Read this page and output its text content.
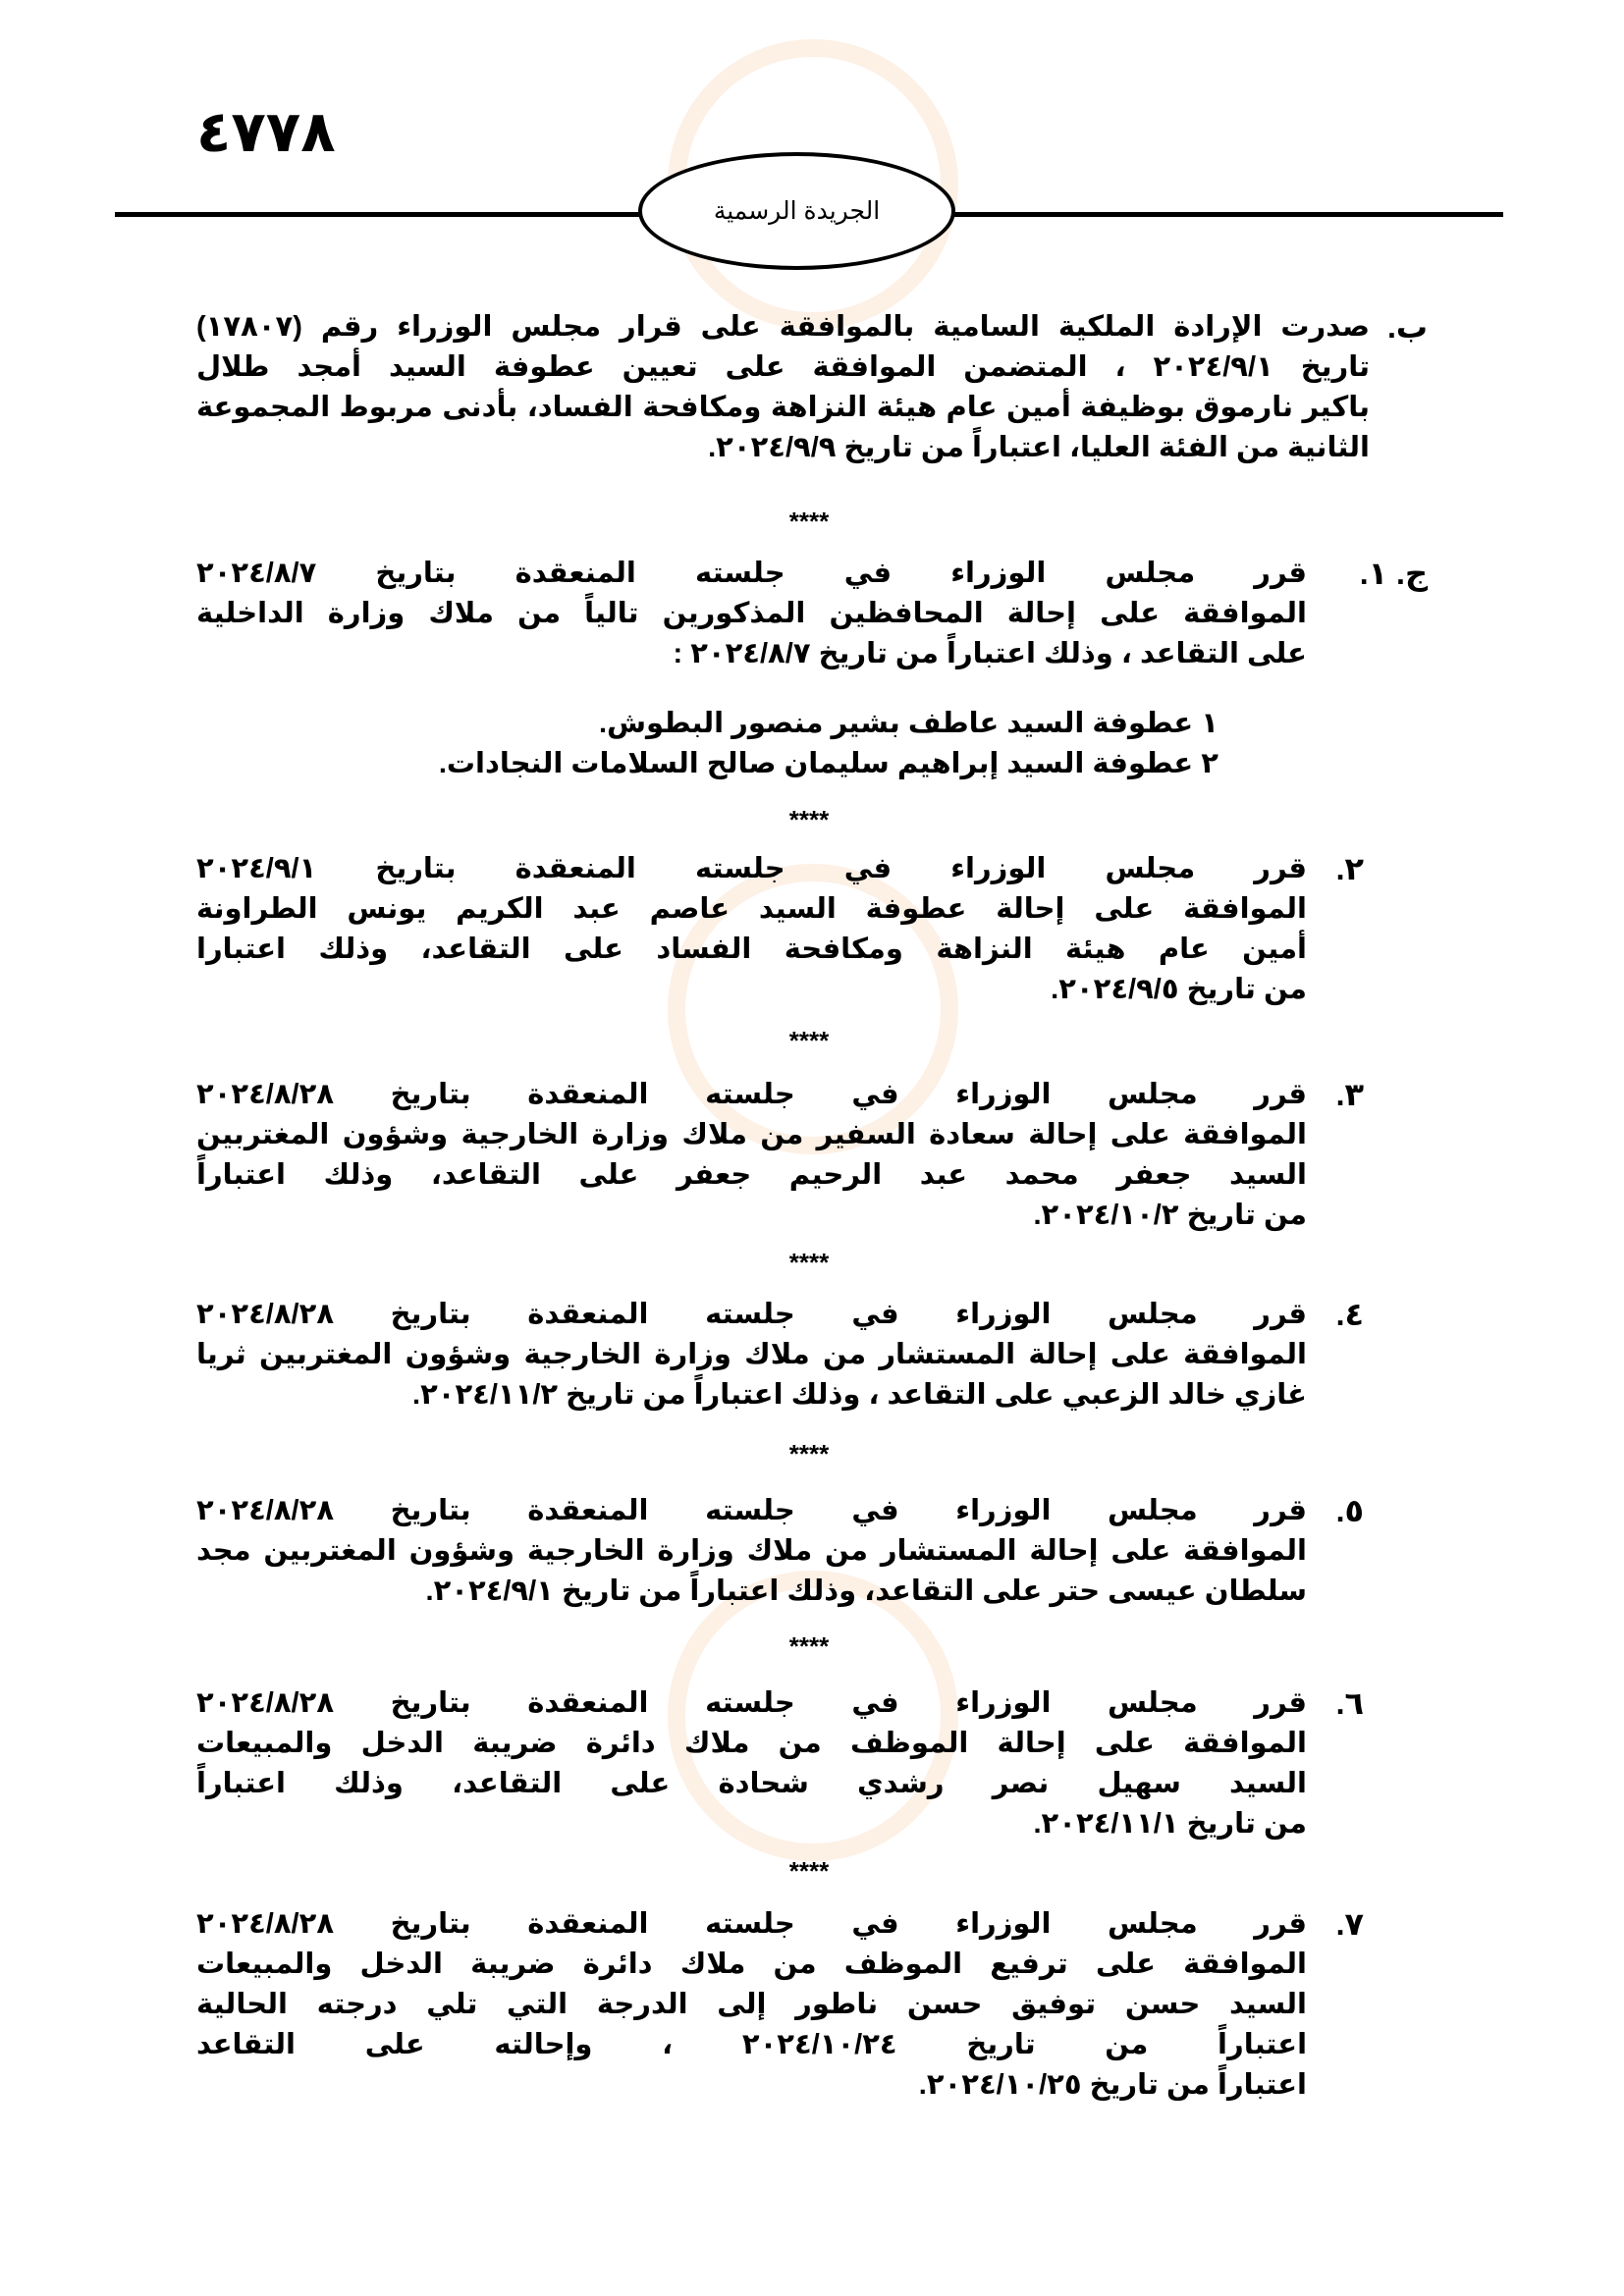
٤٧٧٨
الجريدة الرسمية
ب.
صدرت الإرادة الملكية السامية بالموافقة على قرار مجلس الوزراء رقم (١٧٨٠٧)
تاريخ ٢٠٢٤/٩/١ ، المتضمن الموافقة على تعيين عطوفة السيد أمجد طلال
باكير نارموق بوظيفة أمين عام هيئة النزاهة ومكافحة الفساد، بأدنى مربوط المجموعة
الثانية من الفئة العليا، اعتباراً من تاريخ ٢٠٢٤/٩/٩.
ج. ١.
قرر مجلس الوزراء في جلسته المنعقدة بتاريخ ٢٠٢٤/٨/٧
الموافقة على إحالة المحافظين المذكورين تالياً من ملاك وزارة الداخلية
على التقاعد ، وذلك اعتباراً من تاريخ ٢٠٢٤/٨/٧ :
١ عطوفة السيد عاطف بشير منصور البطوش.
٢ عطوفة السيد إبراهيم سليمان صالح السلامات النجادات.
٢.
قرر مجلس الوزراء في جلسته المنعقدة بتاريخ ٢٠٢٤/٩/١
الموافقة على إحالة عطوفة السيد عاصم عبد الكريم يونس الطراونة
أمين عام هيئة النزاهة ومكافحة الفساد على التقاعد، وذلك اعتبارا
من تاريخ ٢٠٢٤/٩/٥.
٣.
قرر مجلس الوزراء في جلسته المنعقدة بتاريخ ٢٠٢٤/٨/٢٨
الموافقة على إحالة سعادة السفير من ملاك وزارة الخارجية وشؤون المغتربين
السيد جعفر محمد عبد الرحيم جعفر على التقاعد، وذلك اعتباراً
من تاريخ ٢٠٢٤/١٠/٢.
٤.
قرر مجلس الوزراء في جلسته المنعقدة بتاريخ ٢٠٢٤/٨/٢٨
الموافقة على إحالة المستشار من ملاك وزارة الخارجية وشؤون المغتربين ثريا
غازي خالد الزعبي على التقاعد ، وذلك اعتباراً من تاريخ ٢٠٢٤/١١/٢.
٥.
قرر مجلس الوزراء في جلسته المنعقدة بتاريخ ٢٠٢٤/٨/٢٨
الموافقة على إحالة المستشار من ملاك وزارة الخارجية وشؤون المغتربين مجد
سلطان عيسى حتر على التقاعد، وذلك اعتباراً من تاريخ ٢٠٢٤/٩/١.
٦.
قرر مجلس الوزراء في جلسته المنعقدة بتاريخ ٢٠٢٤/٨/٢٨
الموافقة على إحالة الموظف من ملاك دائرة ضريبة الدخل والمبيعات
السيد سهيل نصر رشدي شحادة على التقاعد، وذلك اعتباراً
من تاريخ ٢٠٢٤/١١/١.
٧.
قرر مجلس الوزراء في جلسته المنعقدة بتاريخ ٢٠٢٤/٨/٢٨
الموافقة على ترفيع الموظف من ملاك دائرة ضريبة الدخل والمبيعات
السيد حسن توفيق حسن ناطور إلى الدرجة التي تلي درجته الحالية
اعتباراً من تاريخ ٢٠٢٤/١٠/٢٤ ، وإحالته على التقاعد
اعتباراً من تاريخ ٢٠٢٤/١٠/٢٥.
****
****
****
****
****
****
****
